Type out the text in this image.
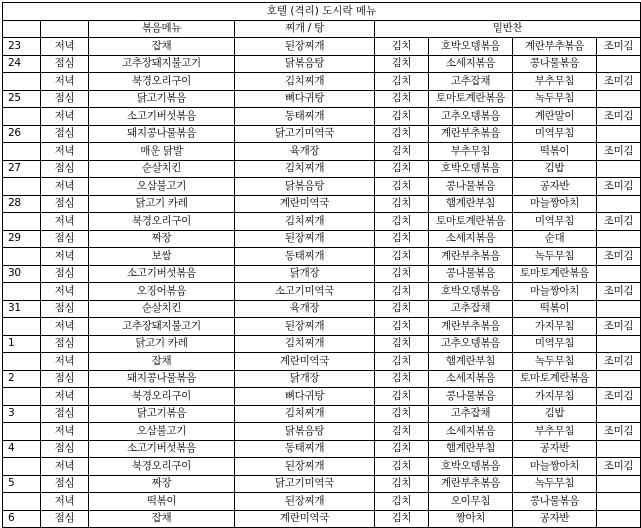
호텔 (격리) 도시락 메뉴							
		볶음메뉴	찌개 / 탕	밑반찬			
23	저녁	잡채	된장찌개	김치	호박오뎅볶음	계란부추볶음	조미김
24	점심	고추장돼지불고기	닭볶음탕	김치	소세지볶음	콩나물볶음	
	저녁	북경오리구이	김치찌개	김치	고추잡채	부추무침	조미김
25	점심	닭고기볶음	뼈다귀탕	김치	토마토계란볶음	녹두무침	
	저녁	소고기버섯볶음	동태찌개	김치	고추오뎅볶음	계란말이	조미김
26	점심	돼지콩나물볶음	닭고기미역국	김치	계란부추볶음	미역무침	
	저녁	매운 닭발	육개장	김치	부추무침	떡볶이	조미김
27	점심	순살치킨	김치찌개	김치	호박오뎅볶음	김밥	
	저녁	오삼불고기	닭볶음탕	김치	콩나물볶음	공자반	조미김
28	점심	닭고기 카레	계란미역국	김치	햄계란부침	마늘짱아치	
	저녁	북경오리구이	김치찌개	김치	토마토계란볶음	미역무침	조미김
29	점심	짜장	된장찌개	김치	소세지볶음	순대	
	저녁	보쌈	동태찌개	김치	계란부추볶음	녹두무침	조미김
30	점심	소고기버섯볶음	닭개장	김치	콩나물볶음	토마토계란볶음	
	저녁	오징어볶음	소고기미역국	김치	호박오뎅볶음	마늘짱아치	조미김
31	점심	순살치킨	육개장	김치	고추잡채	떡볶이	
	저녁	고추장돼지불고기	된장찌개	김치	계란부추볶음	가지무침	조미김
1	점심	닭고기 카레	김치찌개	김치	고추오뎅볶음	미역무침	
	저녁	잡채	계란미역국	김치	햄계란부침	녹두무침	조미김
2	점심	돼지콩나물볶음	닭개장	김치	소세지볶음	토마토계란볶음	
	저녁	북경오리구이	뼈다귀탕	김치	콩나물볶음	가지무침	조미김
3	점심	닭고기볶음	김치찌개	김치	고추잡채	김밥	
	저녁	오삼불고기	닭볶음탕	김치	소세지볶음	부추무침	조미김
4	점심	소고기버섯볶음	동태찌개	김치	햄계란부침	공자반	
	저녁	북경오리구이	된장찌개	김치	호박오뎅볶음	마늘짱아치	조미김
5	점심	짜장	닭고기미역국	김치	계란부추볶음	녹두무침	
	저녁	떡볶이	된장찌개	김치	오이무침	콩나물볶음	
6	점심	잡채	계란미역국	김치	짱아치	공자반	
